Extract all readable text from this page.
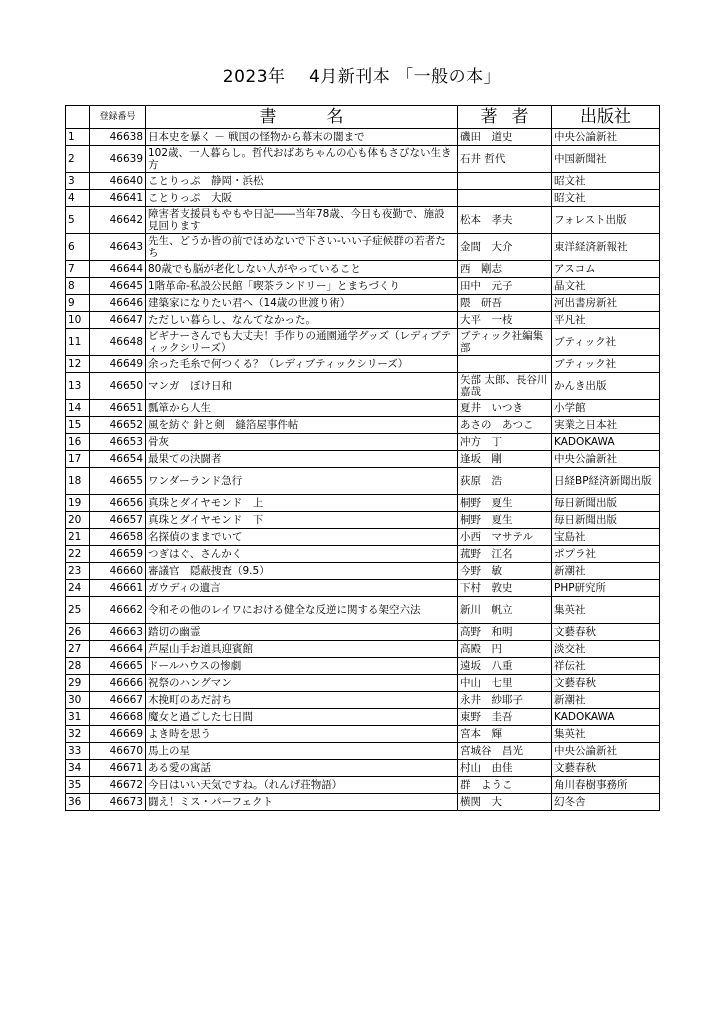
2023年　 4月新刊本 「一般の本」
	登録番号	書名	著者	出版社
1	46638	日本史を暴く － 戦国の怪物から幕末の闇まで	磯田　道史	中央公論新社
2	46639	102歳、一人暮らし。哲代おばあちゃんの心も体もさびない生き方	石井 哲代	中国新聞社
3	46640	ことりっぷ　静岡・浜松		昭文社
4	46641	ことりっぷ　大阪		昭文社
5	46642	障害者支援員もやもや日記――当年78歳、今日も夜勤で、施設見回ります	松本　孝夫	フォレスト出版
6	46643	先生、どうか皆の前でほめないで下さい-いい子症候群の若者たち	金間　大介	東洋経済新報社
7	46644	80歳でも脳が老化しない人がやっていること	西　剛志	アスコム
8	46645	1階革命-私設公民館「喫茶ランドリー」とまちづくり	田中　元子	晶文社
9	46646	建築家になりたい君へ（14歳の世渡り術）	隈　研吾	河出書房新社
10	46647	ただしい暮らし、なんてなかった。	大平　一枝	平凡社
11	46648	ビギナーさんでも大丈夫！手作りの通園通学グッズ（レディブティックシリーズ）	ブティック社編集部	ブティック社
12	46649	余った毛糸で何つくる？（レディブティックシリーズ）		ブティック社
13	46650	マンガ　ぼけ日和	矢部 太郎、長谷川 嘉哉	かんき出版
14	46651	瓢箪から人生	夏井　いつき	小学館
15	46652	風を紡ぐ 針と剣　縫箔屋事件帖	あさの　あつこ	実業之日本社
16	46653	骨灰	冲方　丁	KADOKAWA
17	46654	最果ての決闘者	逢坂　剛	中央公論新社
18	46655	ワンダーランド急行	荻原　浩	日経BP経済新聞出版
19	46656	真珠とダイヤモンド　上	桐野　夏生	毎日新聞出版
20	46657	真珠とダイヤモンド　下	桐野　夏生	毎日新聞出版
21	46658	名探偵のままでいて	小西　マサテル	宝島社
22	46659	つぎはぐ、さんかく	菰野　江名	ポプラ社
23	46660	審議官　隠蔽捜査（9.5）	今野　敏	新潮社
24	46661	ガウディの遺言	下村　敦史	PHP研究所
25	46662	令和その他のレイワにおける健全な反逆に関する架空六法	新川　帆立	集英社
26	46663	踏切の幽霊	高野　和明	文藝春秋
27	46664	芦屋山手お道具迎賓館	高殿　円	淡交社
28	46665	ドールハウスの惨劇	遠坂　八重	祥伝社
29	46666	祝祭のハングマン	中山　七里	文藝春秋
30	46667	木挽町のあだ討ち	永井　紗耶子	新潮社
31	46668	魔女と過ごした七日間	東野　圭吾	KADOKAWA
32	46669	よき時を思う	宮本　輝	集英社
33	46670	馬上の星	宮城谷　昌光	中央公論新社
34	46671	ある愛の寓話	村山　由佳	文藝春秋
35	46672	今日はいい天気ですね。（れんげ荘物語）	群　ようこ	角川春樹事務所
36	46673	闘え！ミス・パーフェクト	横関　大	幻冬舎
